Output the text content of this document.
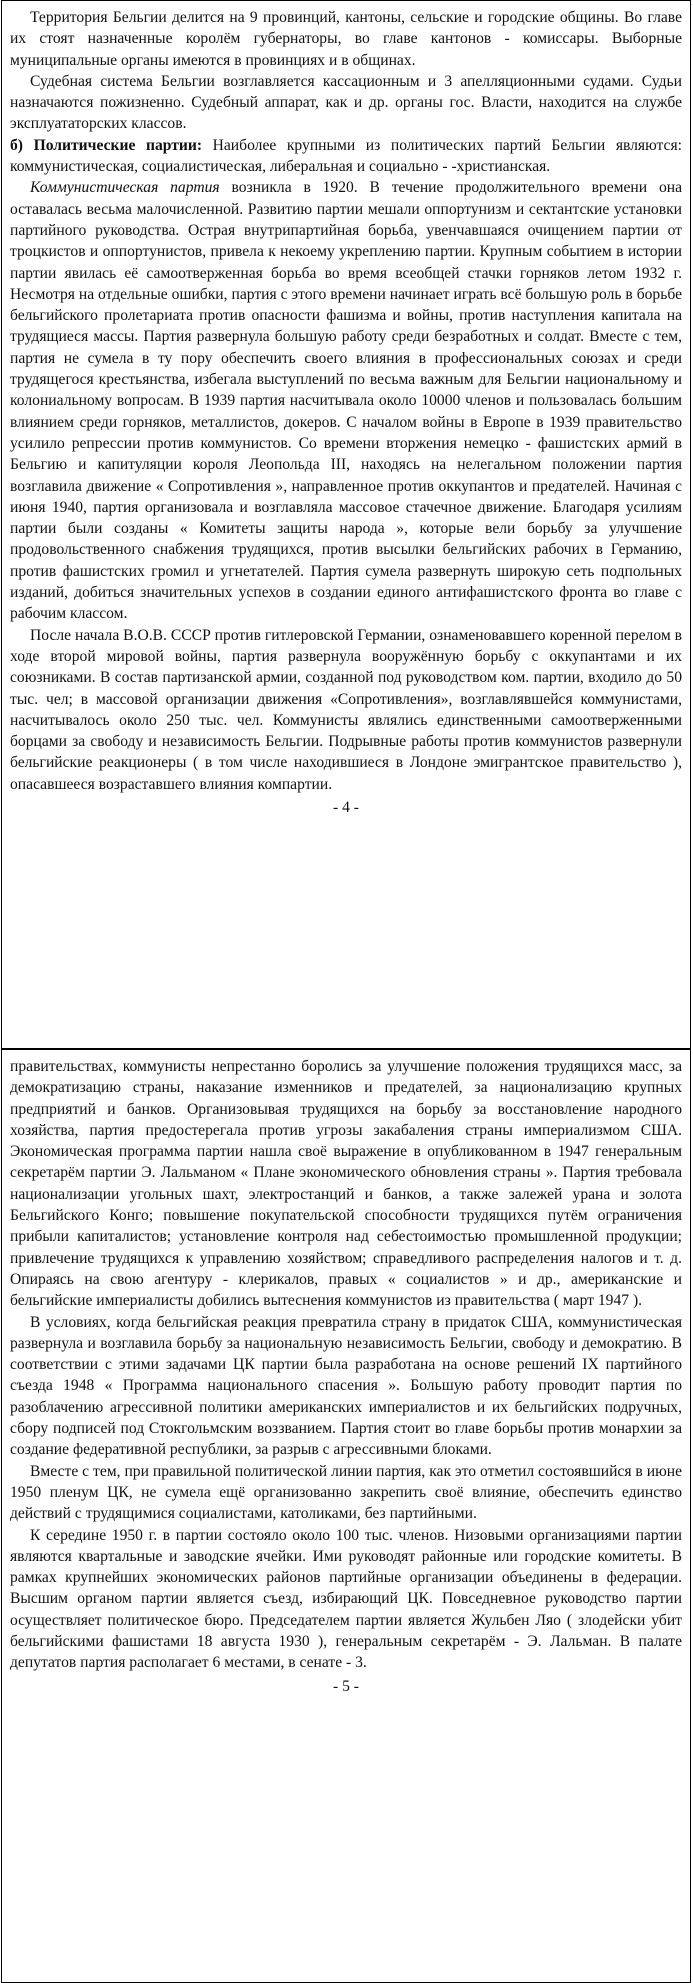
Территория Бельгии делится на 9 провинций, кантоны, сельские и городские общины. Во главе их стоят назначенные королём губернаторы, во главе кантонов - комиссары. Выборные муниципальные органы имеются в провинциях и в общинах.

Судебная система Бельгии возглавляется кассационным и 3 апелляционными судами. Судьи назначаются пожизненно. Судебный аппарат, как и др. органы гос. Власти, находится на службе эксплуататорских классов.

б) Политические партии: Наиболее крупными из политических партий Бельгии являются: коммунистическая, социалистическая, либеральная и социально - -христианская.

Коммунистическая партия возникла в 1920. В течение продолжительного времени она оставалась весьма малочисленной. Развитию партии мешали оппортунизм и сектантские установки партийного руководства. Острая внутрипартийная борьба, увенчавшаяся очищением партии от троцкистов и оппортунистов, привела к некоему укреплению партии. Крупным событием в истории партии явилась её самоотверженная борьба во время всеобщей стачки горняков летом 1932 г. Несмотря на отдельные ошибки, партия с этого времени начинает играть всё большую роль в борьбе бельгийского пролетариата против опасности фашизма и войны, против наступления капитала на трудящиеся массы. Партия развернула большую работу среди безработных и солдат. Вместе с тем, партия не сумела в ту пору обеспечить своего влияния в профессиональных союзах и среди трудящегося крестьянства, избегала выступлений по весьма важным для Бельгии национальному и колониальному вопросам. В 1939 партия насчитывала около 10000 членов и пользовалась большим влиянием среди горняков, металлистов, докеров. С началом войны в Европе в 1939 правительство усилило репрессии против коммунистов. Со времени вторжения немецко - фашистских армий в Бельгию и капитуляции короля Леопольда III, находясь на нелегальном положении партия возглавила движение « Сопротивления », направленное против оккупантов и предателей. Начиная с июня 1940, партия организовала и возглавляла массовое стачечное движение. Благодаря усилиям партии были созданы « Комитеты защиты народа », которые вели борьбу за улучшение продовольственного снабжения трудящихся, против высылки бельгийских рабочих в Германию, против фашистских громил и угнетателей. Партия сумела развернуть широкую сеть подпольных изданий, добиться значительных успехов в создании единого антифашистского фронта во главе с рабочим классом.

После начала В.О.В. СССР против гитлеровской Германии, ознаменовавшего коренной перелом в ходе второй мировой войны, партия развернула вооружённую борьбу с оккупантами и их союзниками. В состав партизанской армии, созданной под руководством ком. партии, входило до 50 тыс. чел; в массовой организации движения «Сопротивления», возглавлявшейся коммунистами, насчитывалось около 250 тыс. чел. Коммунисты являлись единственными самоотверженными борцами за свободу и независимость Бельгии. Подрывные работы против коммунистов развернули бельгийские реакционеры ( в том числе находившиеся в Лондоне эмигрантское правительство ), опасавшееся возраставшего влияния компартии.

- 4 -

правительствах, коммунисты непрестанно боролись за улучшение положения трудящихся масс, за демократизацию страны, наказание изменников и предателей, за национализацию крупных предприятий и банков. Организовывая трудящихся на борьбу за восстановление народного хозяйства, партия предостерегала против угрозы закабаления страны империализмом США. Экономическая программа партии нашла своё выражение в опубликованном в 1947 генеральным секретарём партии Э. Лальманом « Плане экономического обновления страны ». Партия требовала национализации угольных шахт, электростанций и банков, а также залежей урана и золота Бельгийского Конго; повышение покупательской способности трудящихся путём ограничения прибыли капиталистов; установление контроля над себестоимостью промышленной продукции; привлечение трудящихся к управлению хозяйством; справедливого распределения налогов и т. д. Опираясь на свою агентуру - клерикалов, правых « социалистов » и др., американские и бельгийские империалисты добились вытеснения коммунистов из правительства ( март 1947 ).

В условиях, когда бельгийская реакция превратила страну в придаток США, коммунистическая развернула и возглавила борьбу за национальную независимость Бельгии, свободу и демократию. В соответствии с этими задачами ЦК партии была разработана на основе решений IX партийного съезда 1948 « Программа национального спасения ». Большую работу проводит партия по разоблачению агрессивной политики американских империалистов и их бельгийских подручных, сбору подписей под Стокгольмским воззванием. Партия стоит во главе борьбы против монархии за создание федеративной республики, за разрыв с агрессивными блоками.

Вместе с тем, при правильной политической линии партия, как это отметил состоявшийся в июне 1950 пленум ЦК, не сумела ещё организованно закрепить своё влияние, обеспечить единство действий с трудящимися социалистами, католиками, без партийными.

К середине 1950 г. в партии состояло около 100 тыс. членов. Низовыми организациями партии являются квартальные и заводские ячейки. Ими руководят районные или городские комитеты. В рамках крупнейших экономических районов партийные организации объединены в федерации. Высшим органом партии является съезд, избирающий ЦК. Повседневное руководство партии осуществляет политическое бюро. Председателем партии является Жульбен Ляо ( злодейски убит бельгийскими фашистами 18 августа 1930 ), генеральным секретарём - Э. Лальман. В палате депутатов партия располагает 6 местами, в сенате - 3.

- 5 -
